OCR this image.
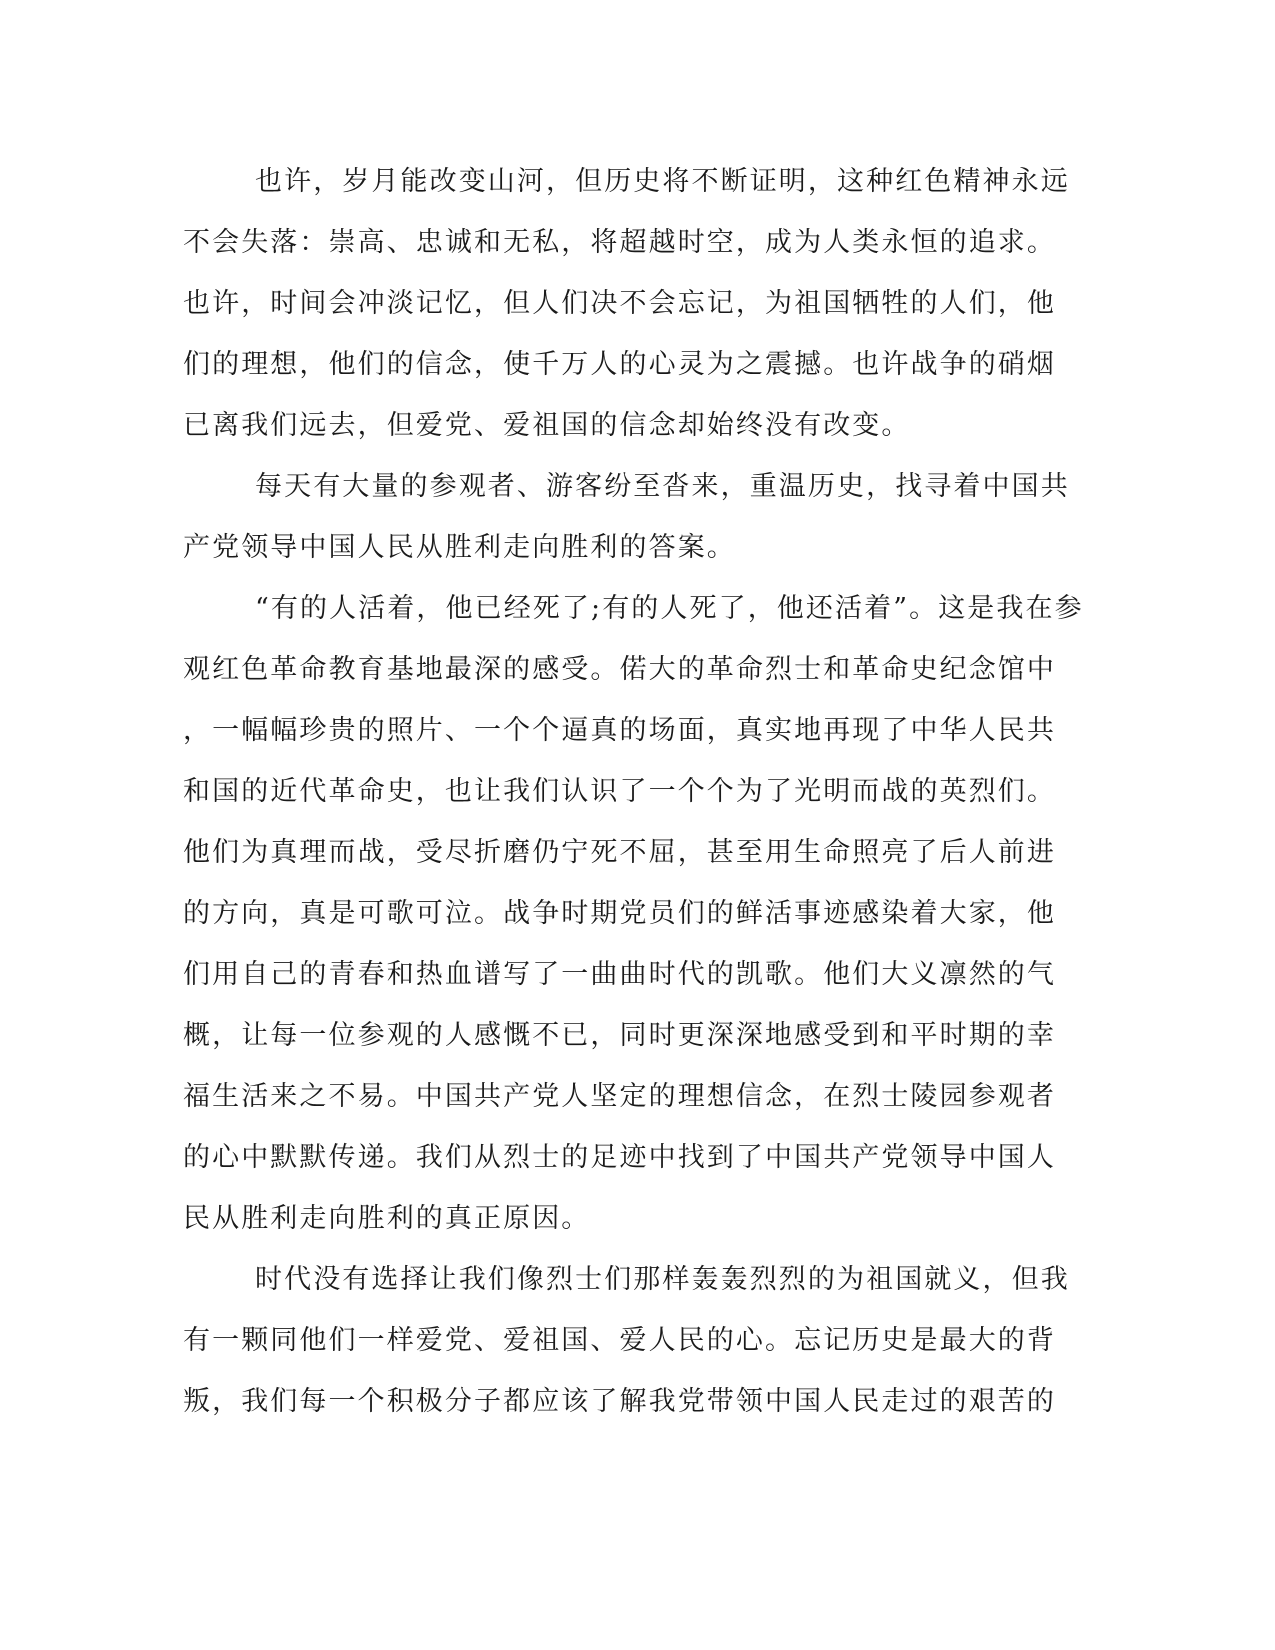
也许，岁月能改变山河，但历史将不断证明，这种红色精神永远
不会失落：崇高、忠诚和无私，将超越时空，成为人类永恒的追求。
也许，时间会冲淡记忆，但人们决不会忘记，为祖国牺牲的人们，他
们的理想，他们的信念，使千万人的心灵为之震撼。也许战争的硝烟
已离我们远去，但爱党、爱祖国的信念却始终没有改变。
每天有大量的参观者、游客纷至沓来，重温历史，找寻着中国共
产党领导中国人民从胜利走向胜利的答案。
“有的人活着，他已经死了;有的人死了，他还活着”。这是我在参
观红色革命教育基地最深的感受。偌大的革命烈士和革命史纪念馆中
，一幅幅珍贵的照片、一个个逼真的场面，真实地再现了中华人民共
和国的近代革命史，也让我们认识了一个个为了光明而战的英烈们。
他们为真理而战，受尽折磨仍宁死不屈，甚至用生命照亮了后人前进
的方向，真是可歌可泣。战争时期党员们的鲜活事迹感染着大家，他
们用自己的青春和热血谱写了一曲曲时代的凯歌。他们大义凛然的气
概，让每一位参观的人感慨不已，同时更深深地感受到和平时期的幸
福生活来之不易。中国共产党人坚定的理想信念，在烈士陵园参观者
的心中默默传递。我们从烈士的足迹中找到了中国共产党领导中国人
民从胜利走向胜利的真正原因。
时代没有选择让我们像烈士们那样轰轰烈烈的为祖国就义，但我
有一颗同他们一样爱党、爱祖国、爱人民的心。忘记历史是最大的背
叛，我们每一个积极分子都应该了解我党带领中国人民走过的艰苦的
